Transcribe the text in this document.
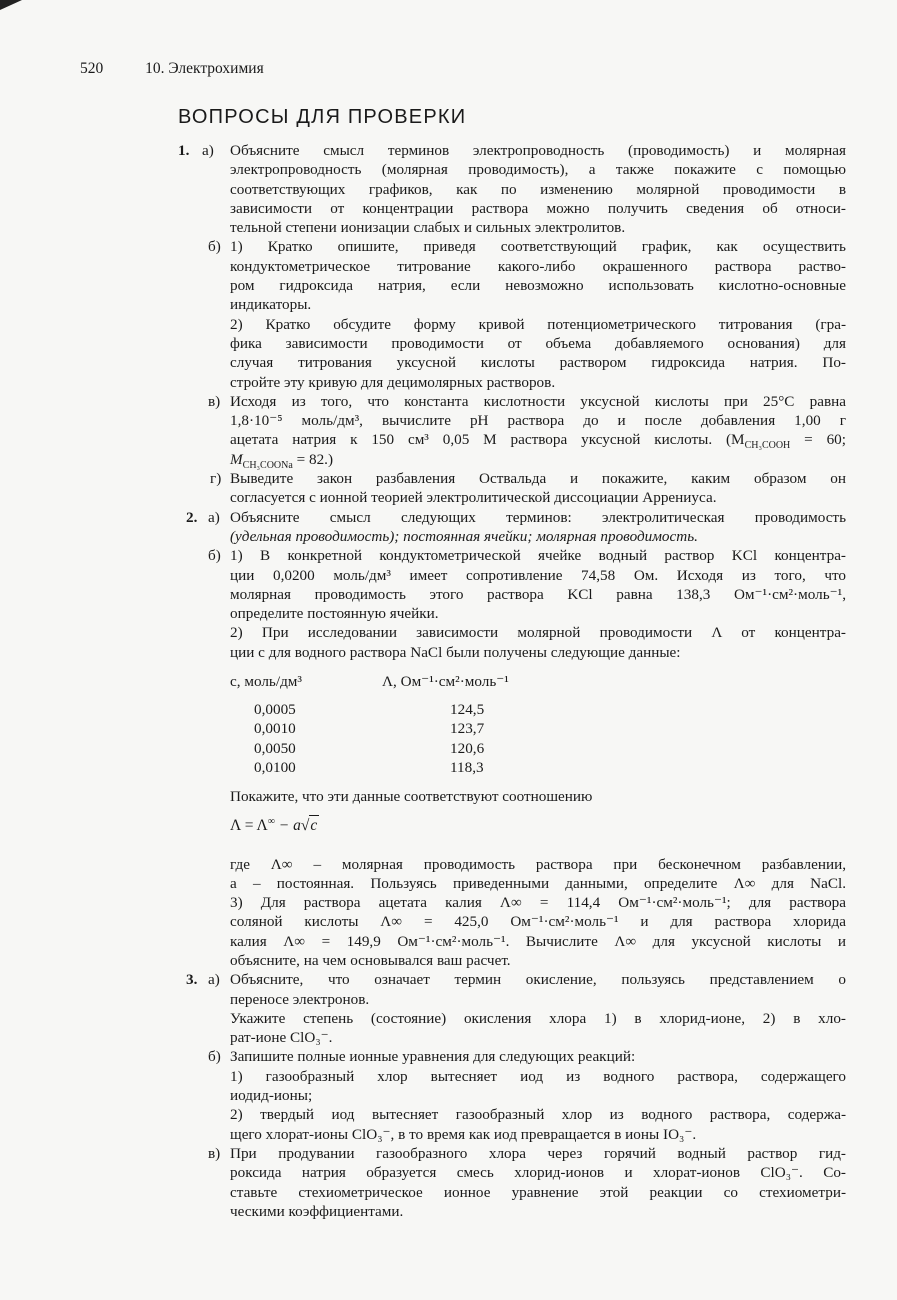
520	10. Электрохимия
ВОПРОСЫ ДЛЯ ПРОВЕРКИ
1. а) Объясните смысл терминов электропроводность (проводимость) и молярная
электропроводность (молярная проводимость), а также покажите с помощью
соответствующих графиков, как по изменению молярной проводимости в
зависимости от концентрации раствора можно получить сведения об относи-
тельной степени ионизации слабых и сильных электролитов.
б) 1) Кратко опишите, приведя соответствующий график, как осуществить
кондуктометрическое титрование какого-либо окрашенного раствора раство-
ром гидроксида натрия, если невозможно использовать кислотно-основные
индикаторы.
2) Кратко обсудите форму кривой потенциометрического титрования (гра-
фика зависимости проводимости от объема добавляемого основания) для
случая титрования уксусной кислоты раствором гидроксида натрия. По-
стройте эту кривую для децимолярных растворов.
в) Исходя из того, что константа кислотности уксусной кислоты при 25°С равна
1,8·10⁻⁵ моль/дм³, вычислите рН раствора до и после добавления 1,00 г
ацетата натрия к 150 см³ 0,05 М раствора уксусной кислоты. ($M_{CH_3COOH} = 60$;
$M_{CH_3COONa} = 82$.)
г) Выведите закон разбавления Оствальда и покажите, каким образом он
согласуется с ионной теорией электролитической диссоциации Аррениуса.
2. а) Объясните смысл следующих терминов: электролитическая проводимость
(удельная проводимость); постоянная ячейки; молярная проводимость.
б) 1) В конкретной кондуктометрической ячейке водный раствор KCl концентра-
ции 0,0200 моль/дм³ имеет сопротивление 74,58 Ом. Исходя из того, что
молярная проводимость этого раствора KCl равна 138,3 Ом⁻¹·см²·моль⁻¹,
определите постоянную ячейки.
2) При исследовании зависимости молярной проводимости Λ от концентра-
ции с для водного раствора NaCl были получены следующие данные:
с, моль/дм³	Λ, Ом⁻¹·см²·моль⁻¹
0,0005	124,5
0,0010	123,7
0,0050	120,6
0,0100	118,3
Покажите, что эти данные соответствуют соотношению
Λ = Λ∞ − a√c
где Λ∞ – молярная проводимость раствора при бесконечном разбавлении,
a – постоянная. Пользуясь приведенными данными, определите Λ∞ для NaCl.
3) Для раствора ацетата калия Λ∞ = 114,4 Ом⁻¹·см²·моль⁻¹; для раствора
соляной кислоты Λ∞ = 425,0 Ом⁻¹·см²·моль⁻¹ и для раствора хлорида
калия Λ∞ = 149,9 Ом⁻¹·см²·моль⁻¹. Вычислите Λ∞ для уксусной кислоты и
объясните, на чем основывался ваш расчет.
3. а) Объясните, что означает термин окисление, пользуясь представлением о
переносе электронов.
Укажите степень (состояние) окисления хлора 1) в хлорид-ионе, 2) в хло-
рат-ионе ClO₃⁻.
б) Запишите полные ионные уравнения для следующих реакций:
1) газообразный хлор вытесняет иод из водного раствора, содержащего
иодид-ионы;
2) твердый иод вытесняет газообразный хлор из водного раствора, содержа-
щего хлорат-ионы ClO₃⁻, в то время как иод превращается в ионы IO₃⁻.
в) При продувании газообразного хлора через горячий водный раствор гид-
роксида натрия образуется смесь хлорид-ионов и хлорат-ионов ClO₃⁻. Со-
ставьте стехиометрическое ионное уравнение этой реакции со стехиометри-
ческими коэффициентами.
